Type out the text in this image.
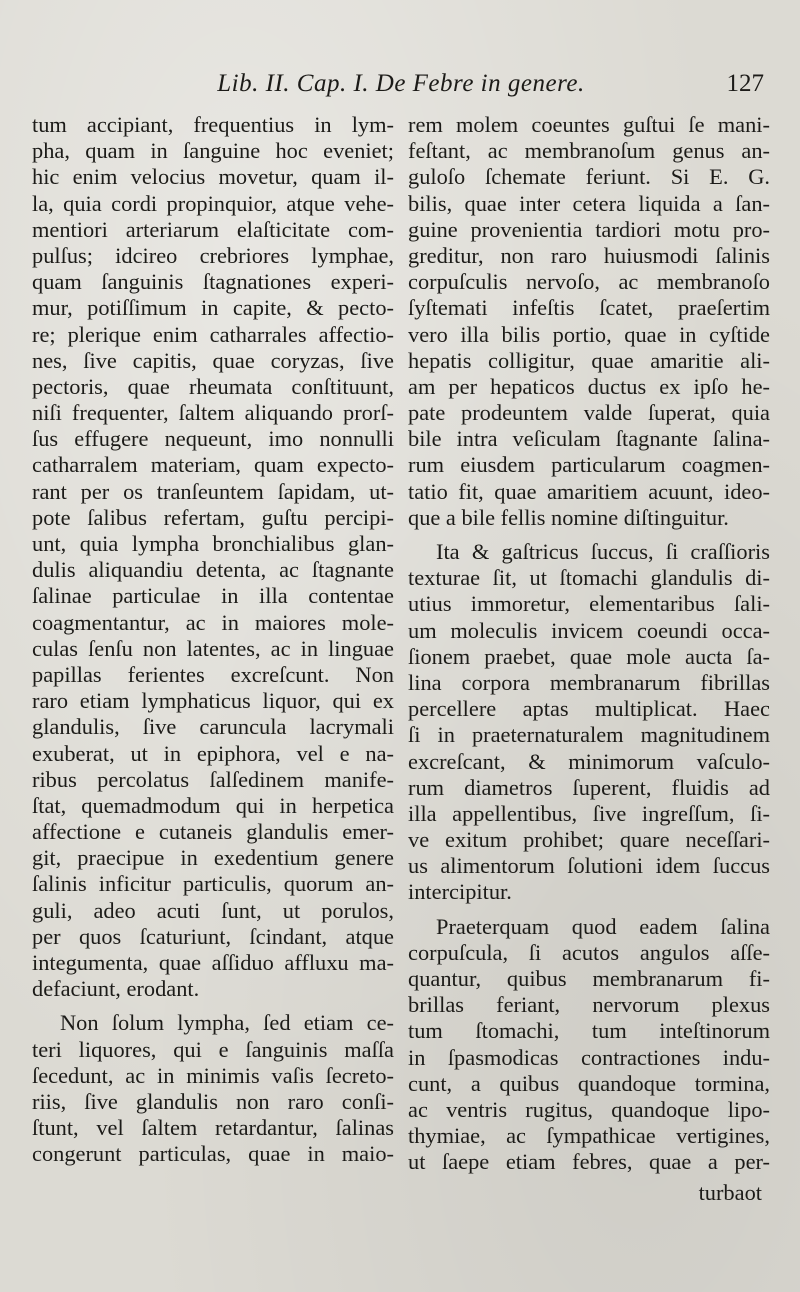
Lib. II. Cap. I. De Febre in genere.	127
tum accipiant, frequentius in lym-
pha, quam in ſanguine hoc eveniet;
hic enim velocius movetur, quam il-
la, quia cordi propinquior, atque vehe-
mentiori arteriarum elaſticitate com-
pulſus; idcireo crebriores lymphae,
quam ſanguinis ſtagnationes experi-
mur, potiſſimum in capite, & pecto-
re; plerique enim catharrales affectio-
nes, ſive capitis, quae coryzas, ſive
pectoris, quae rheumata conſtituunt,
niſi frequenter, ſaltem aliquando prorſ-
ſus effugere nequeunt, imo nonnulli
catharralem materiam, quam expecto-
rant per os tranſeuntem ſapidam, ut-
pote ſalibus refertam, guſtu percipi-
unt, quia lympha bronchialibus glan-
dulis aliquandiu detenta, ac ſtagnante
ſalinae particulae in illa contentae
coagmentantur, ac in maiores mole-
culas ſenſu non latentes, ac in linguae
papillas ferientes excreſcunt. Non
raro etiam lymphaticus liquor, qui ex
glandulis, ſive caruncula lacrymali
exuberat, ut in epiphora, vel e na-
ribus percolatus ſalſedinem manife-
ſtat, quemadmodum qui in herpetica
affectione e cutaneis glandulis emer-
git, praecipue in exedentium genere
ſalinis inficitur particulis, quorum an-
guli, adeo acuti ſunt, ut porulos,
per quos ſcaturiunt, ſcindant, atque
integumenta, quae aſſiduo affluxu ma-
defaciunt, erodant.
Non ſolum lympha, ſed etiam ce-
teri liquores, qui e ſanguinis maſſa
ſecedunt, ac in minimis vaſis ſecreto-
riis, ſive glandulis non raro conſi-
ſtunt, vel ſaltem retardantur, ſalinas
congerunt particulas, quae in maio-
rem molem coeuntes guſtui ſe mani-
feſtant, ac membranoſum genus an-
guloſo ſchemate feriunt. Si E. G.
bilis, quae inter cetera liquida a ſan-
guine provenientia tardiori motu pro-
greditur, non raro huiusmodi ſalinis
corpuſculis nervoſo, ac membranoſo
ſyſtemati infeſtis ſcatet, praeſertim
vero illa bilis portio, quae in cyſtide
hepatis colligitur, quae amaritie ali-
am per hepaticos ductus ex ipſo he-
pate prodeuntem valde ſuperat, quia
bile intra veſiculam ſtagnante ſalina-
rum eiusdem particularum coagmen-
tatio fit, quae amaritiem acuunt, ideo-
que a bile fellis nomine diſtinguitur.
Ita & gaſtricus ſuccus, ſi craſſioris
texturae ſit, ut ſtomachi glandulis di-
utius immoretur, elementaribus ſali-
um moleculis invicem coeundi occa-
ſionem praebet, quae mole aucta ſa-
lina corpora membranarum fibrillas
percellere aptas multiplicat. Haec
ſi in praeternaturalem magnitudinem
excreſcant, & minimorum vaſculo-
rum diametros ſuperent, fluidis ad
illa appellentibus, ſive ingreſſum, ſi-
ve exitum prohibet; quare neceſſari-
us alimentorum ſolutioni idem ſuccus
intercipitur.
Praeterquam quod eadem ſalina
corpuſcula, ſi acutos angulos aſſe-
quantur, quibus membranarum fi-
brillas feriant, nervorum plexus
tum ſtomachi, tum inteſtinorum
in ſpasmodicas contractiones indu-
cunt, a quibus quandoque tormina,
ac ventris rugitus, quandoque lipo-
thymiae, ac ſympathicae vertigines,
ut ſaepe etiam febres, quae a per-
turbaot
